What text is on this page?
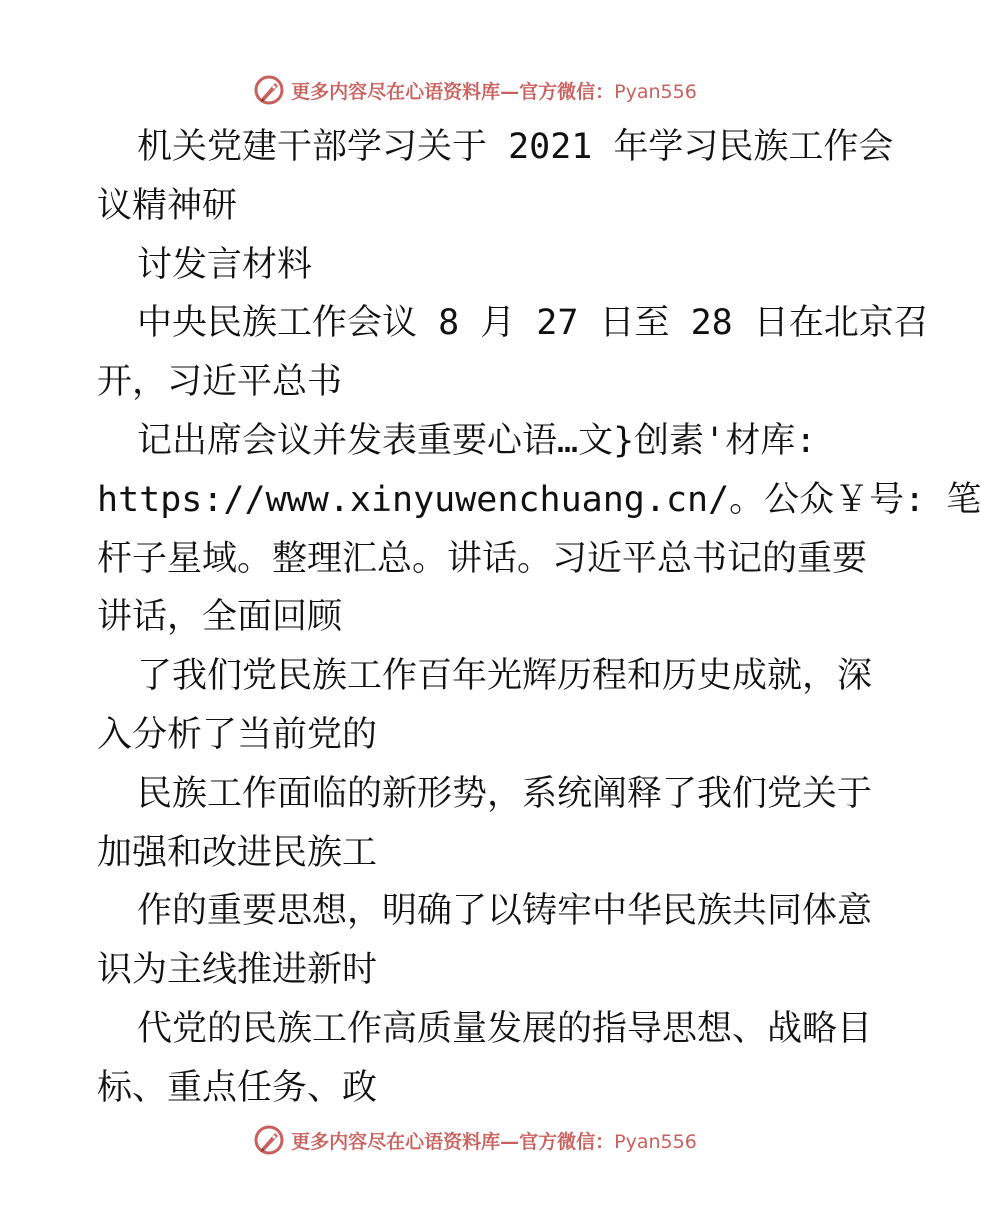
更多内容尽在心语资料库—官方微信：Pyan556
机关党建干部学习关于 2021 年学习民族工作会
议精神研
讨发言材料
中央民族工作会议 8 月 27 日至 28 日在北京召
开，习近平总书
记出席会议并发表重要心语…文}创素'材库:
https://www.xinyuwenchuang.cn/。公众￥号: 笔
杆子星域。整理汇总。讲话。习近平总书记的重要
讲话，全面回顾
了我们党民族工作百年光辉历程和历史成就，深
入分析了当前党的
民族工作面临的新形势，系统阐释了我们党关于
加强和改进民族工
作的重要思想，明确了以铸牢中华民族共同体意
识为主线推进新时
代党的民族工作高质量发展的指导思想、战略目
标、重点任务、政
更多内容尽在心语资料库—官方微信：Pyan556
